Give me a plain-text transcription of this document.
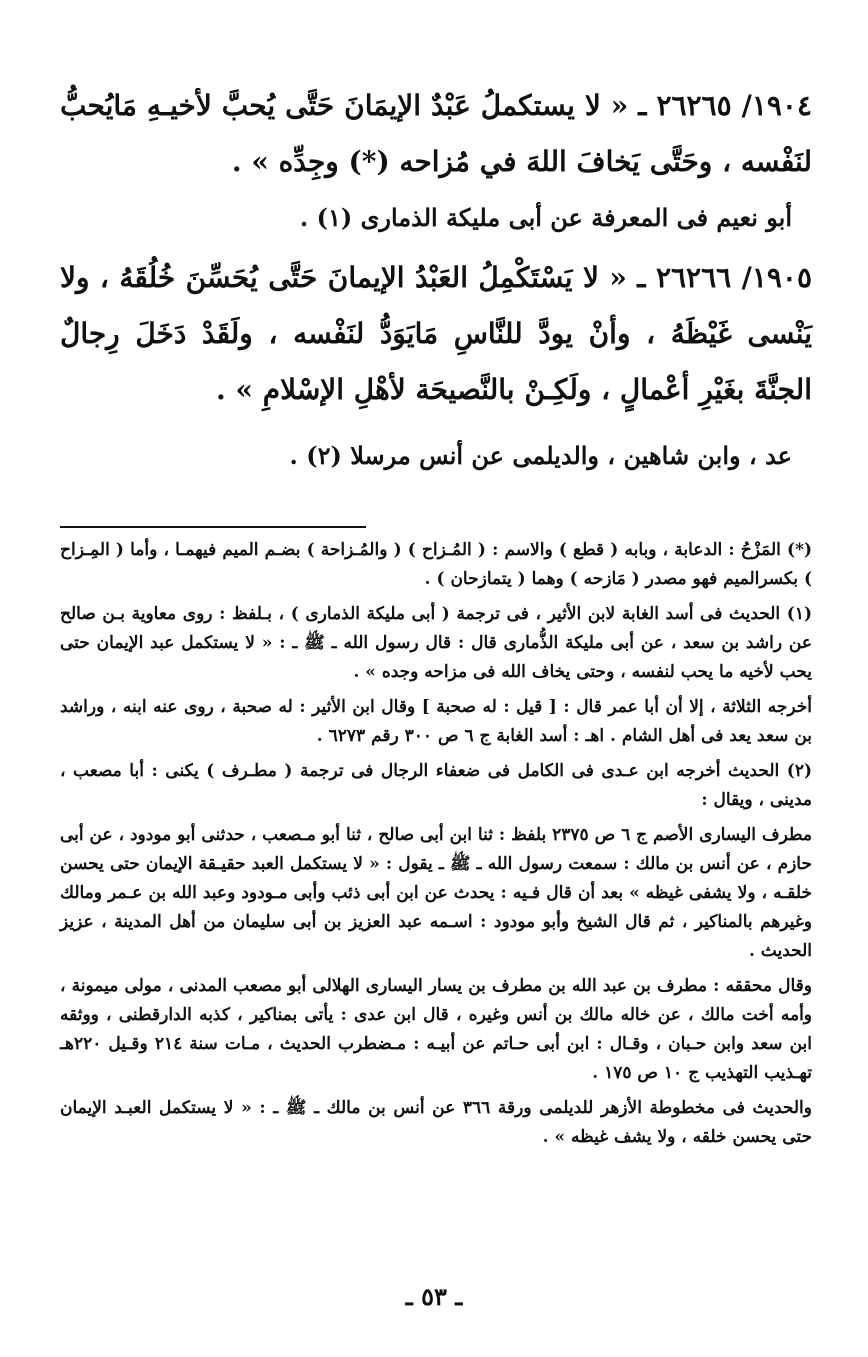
١٩٠٤/ ٢٦٢٦٥ ـ « لا يستكملُ عَبْدٌ الإيمَانَ حَتَّى يُحبَّ لأخيـهِ مَايُحبُّ لنَفْسه ، وحَتَّى يَخافَ اللهَ في مُزاحه (*) وجِدِّه » .

أبو نعيم فى المعرفة عن أبى مليكة الذمارى (١) .

١٩٠٥/ ٢٦٢٦٦ ـ « لا يَسْتَكْمِلُ العَبْدُ الإيمانَ حَتَّى يُحَسِّنَ خُلُقَهُ ، ولا يَنْسى غَيْظَهُ ، وأنْ يودَّ للنَّاسِ مَايَوَدُّ لنَفْسه ، ولَقَدْ دَخَلَ رِجالٌ الجنَّةَ بغَيْرِ أعْمالٍ ، ولَكِـنْ بالنَّصيحَة لأهْلِ الإسْلامِ » .

عد ، وابن شاهين ، والديلمى عن أنس مرسلا (٢) .

(*) المَزْحُ : الدعابة ، وبابه ( قطع ) والاسم : ( المُـزاح ) ( والمُـزاحة ) بضـم الميم فيهمـا ، وأما ( المِـزاح ) بكسرالميم فهو مصدر ( مَازحه ) وهما ( يتمازحان ) .

(١) الحديث فى أسد الغابة لابن الأثير ، فى ترجمة ( أبى مليكة الذمارى ) ، بـلفظ : روى معاوية بـن صالح عن راشد بن سعد ، عن أبى مليكة الذُّمارى قال : قال رسول الله ـ ﷺ ـ : « لا يستكمل عبد الإيمان حتى يحب لأخيه ما يحب لنفسه ، وحتى يخاف الله فى مزاحه وجده » .

أخرجه الثلاثة ، إلا أن أبا عمر قال : [ قيل : له صحبة ] وقال ابن الأثير : له صحبة ، روى عنه ابنه ، وراشد بن سعد يعد فى أهل الشام . اهـ : أسد الغابة ج ٦ ص ٣٠٠ رقم ٦٢٧٣ .

(٢) الحديث أخرجه ابن عـدى فى الكامل فى ضعفاء الرجال فى ترجمة ( مطـرف ) يكنى : أبا مصعب ، مدينى ، ويقال :

مطرف اليسارى الأصم ج ٦ ص ٢٣٧٥ بلفظ : ثنا ابن أبى صالح ، ثنا أبو مـصعب ، حدثنى أبو مودود ، عن أبى حازم ، عن أنس بن مالك : سمعت رسول الله ـ ﷺ ـ يقول : « لا يستكمل العبد حقيـقة الإيمان حتى يحسن خلقـه ، ولا يشفى غيظه » بعد أن قال فـيه : يحدث عن ابن أبى ذئب وأبى مـودود وعبد الله بن عـمر ومالك وغيرهم بالمناكير ، ثم قال الشيخ وأبو مودود : اسـمه عبد العزيز بن أبى سليمان من أهل المدينة ، عزيز الحديث .

وقال محققه : مطرف بن عبد الله بن مطرف بن يسار اليسارى الهلالى أبو مصعب المدنى ، مولى ميمونة ، وأمه أخت مالك ، عن خاله مالك بن أنس وغيره ، قال ابن عدى : يأتى بمناكير ، كذبه الدارقطنى ، ووثقه ابن سعد وابن حـبان ، وقـال : ابن أبى حـاتم عن أبيـه : مـضطرب الحديث ، مـات سنة ٢١٤ وقـيل ٢٢٠هـ تهـذيب التهذيب ج ١٠ ص ١٧٥ .

والحديث فى مخطوطة الأزهر للديلمى ورقة ٣٦٦ عن أنس بن مالك ـ ﷺ ـ : « لا يستكمل العبـد الإيمان حتى يحسن خلقه ، ولا يشف غيظه » .

ـ ٥٣ ـ
